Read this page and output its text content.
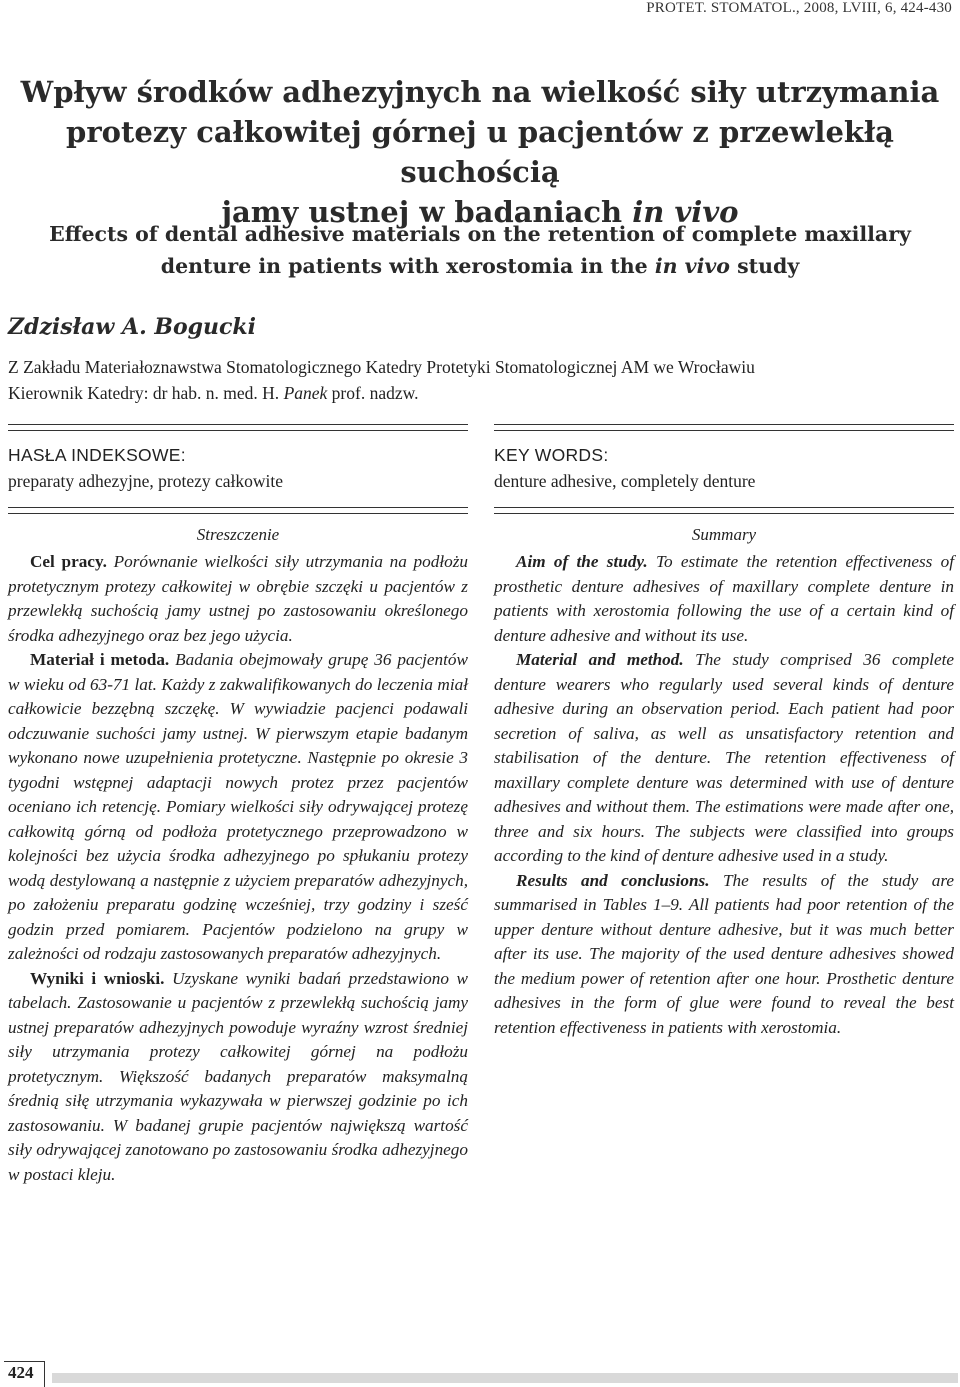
PROTET. STOMATOL., 2008, LVIII, 6, 424-430
Wpływ środków adhezyjnych na wielkość siły utrzymania
protezy całkowitej górnej u pacjentów z przewlekłą suchością
jamy ustnej w badaniach in vivo
Effects of dental adhesive materials on the retention of complete maxillary
denture in patients with xerostomia in the in vivo study
Zdzisław A. Bogucki
Z Zakładu Materiałoznawstwa Stomatologicznego Katedry Protetyki Stomatologicznej AM we Wrocławiu
Kierownik Katedry: dr hab. n. med. H. Panek prof. nadzw.
HASŁA INDEKSOWE:
preparaty adhezyjne, protezy całkowite
KEY WORDS:
denture adhesive, completely denture
Streszczenie	Summary

Cel pracy. Porównanie wielkości siły utrzymania na podłożu protetycznym protezy całkowitej w obrębie szczęki u pacjentów z przewlekłą suchością jamy ustnej po zastosowaniu określonego środka adhezyjnego oraz bez jego użycia.

Materiał i metoda. Badania obejmowały grupę 36 pacjentów w wieku od 63-71 lat. Każdy z zakwalifikowanych do leczenia miał całkowicie bezzębną szczękę. W wywiadzie pacjenci podawali odczuwanie suchości jamy ustnej. W pierwszym etapie badanym wykonano nowe uzupełnienia protetyczne. Następnie po okresie 3 tygodni wstępnej adaptacji nowych protez przez pacjentów oceniano ich retencję. Pomiary wielkości siły odrywającej protezę całkowitą górną od podłoża protetycznego przeprowadzono w kolejności bez użycia środka adhezyjnego po spłukaniu protezy wodą destylowaną a następnie z użyciem preparatów adhezyjnych, po założeniu preparatu godzinę wcześniej, trzy godziny i sześć godzin przed pomiarem. Pacjentów podzielono na grupy w zależności od rodzaju zastosowanych preparatów adhezyjnych.

Wyniki i wnioski. Uzyskane wyniki badań przedstawiono w tabelach. Zastosowanie u pacjentów z przewlekłą suchością jamy ustnej preparatów adhezyjnych powoduje wyraźny wzrost średniej siły utrzymania protezy całkowitej górnej na podłożu protetycznym. Większość badanych preparatów maksymalną średnią siłę utrzymania wykazywała w pierwszej godzinie po ich zastosowaniu. W badanej grupie pacjentów największą wartość siły odrywającej zanotowano po zastosowaniu środka adhezyjnego w postaci kleju.

Aim of the study. To estimate the retention effectiveness of prosthetic denture adhesives of maxillary complete denture in patients with xerostomia following the use of a certain kind of denture adhesive and without its use.

Material and method. The study comprised 36 complete denture wearers who regularly used several kinds of denture adhesive during an observation period. Each patient had poor secretion of saliva, as well as unsatisfactory retention and stabilisation of the denture. The retention effectiveness of maxillary complete denture was determined with use of denture adhesives and without them. The estimations were made after one, three and six hours. The subjects were classified into groups according to the kind of denture adhesive used in a study.

Results and conclusions. The results of the study are summarised in Tables 1–9. All patients had poor retention of the upper denture without denture adhesive, but it was much better after its use. The majority of the used denture adhesives showed the medium power of retention after one hour. Prosthetic denture adhesives in the form of glue were found to reveal the best retention effectiveness in patients with xerostomia.

424
